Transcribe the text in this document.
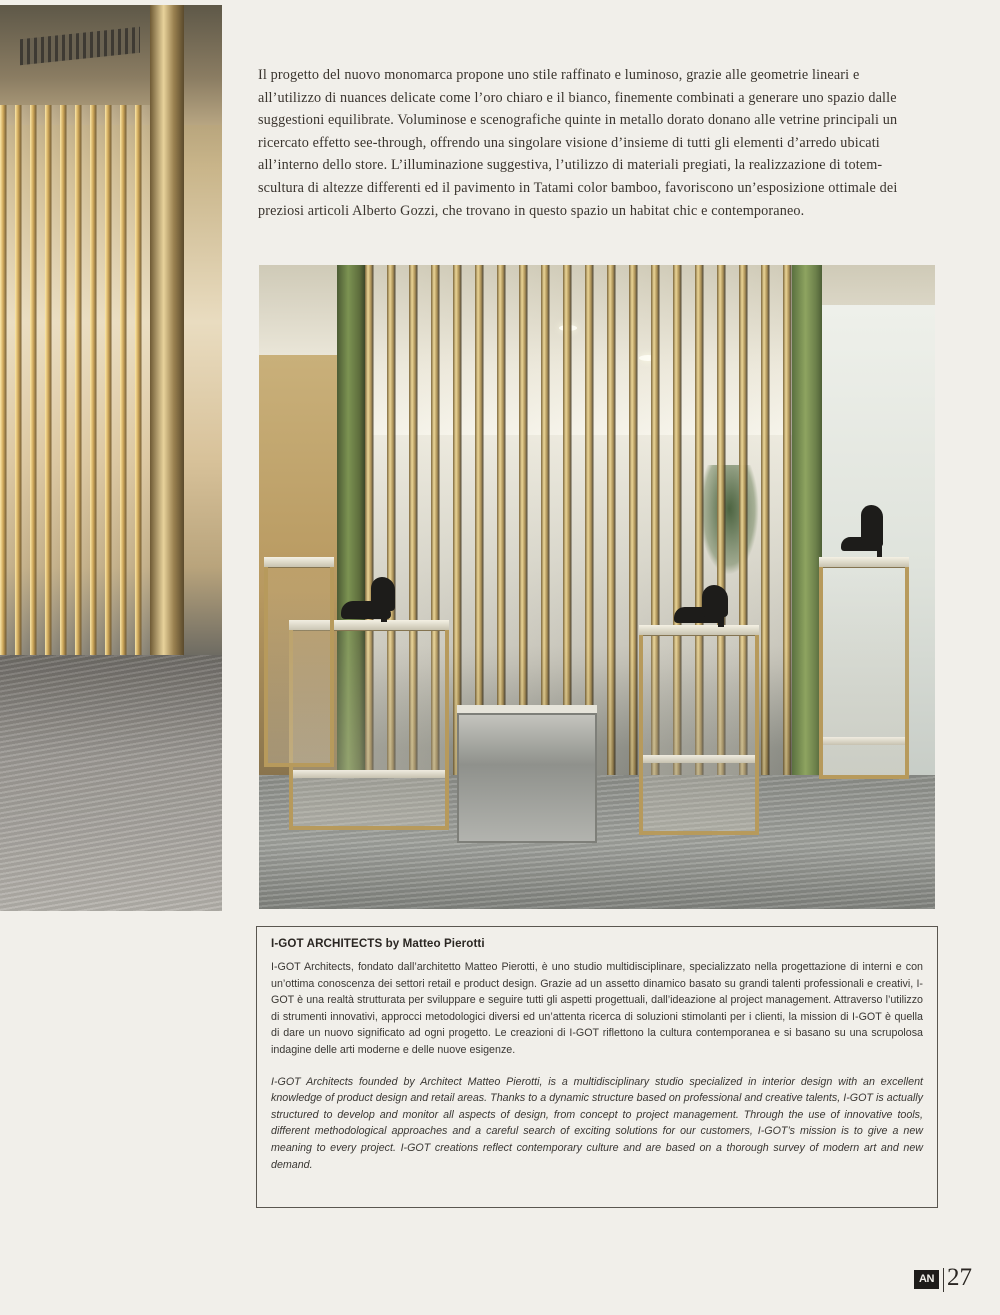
Il progetto del nuovo monomarca propone uno stile raffinato e luminoso, grazie alle geometrie lineari e all’utilizzo di nuances delicate come l’oro chiaro e il bianco, finemente combinati a generare uno spazio dalle suggestioni equilibrate. Voluminose e scenografiche quinte in metallo dorato donano alle vetrine principali un ricercato effetto see-through, offrendo una singolare visione d’insieme di tutti gli elementi d’arredo ubicati all’interno dello store. L’illuminazione suggestiva, l’utilizzo di materiali pregiati, la realizzazione di totem-scultura di altezze differenti ed il pavimento in Tatami color bamboo, favoriscono un’esposizione ottimale dei preziosi articoli Alberto Gozzi, che trovano in questo spazio un habitat chic e contemporaneo.

I-GOT ARCHITECTS by Matteo Pierotti

I-GOT Architects, fondato dall’architetto Matteo Pierotti, è uno studio multidisciplinare, specializzato nella progettazione di interni e con un’ottima conoscenza dei settori retail e product design. Grazie ad un assetto dinamico basato su grandi talenti professionali e creativi, I-GOT è una realtà strutturata per sviluppare e seguire tutti gli aspetti progettuali, dall’ideazione al project management. Attraverso l’utilizzo di strumenti innovativi, approcci metodologici diversi ed un’attenta ricerca di soluzioni stimolanti per i clienti, la mission di I-GOT è quella di dare un nuovo significato ad ogni progetto. Le creazioni di I-GOT riflettono la cultura contemporanea e si basano su una scrupolosa indagine delle arti moderne e delle nuove esigenze.

I-GOT Architects founded by Architect Matteo Pierotti, is a multidisciplinary studio specialized in interior design with an excellent knowledge of product design and retail areas. Thanks to a dynamic structure based on professional and creative talents, I-GOT is actually structured to develop and monitor all aspects of design, from concept to project management. Through the use of innovative tools, different methodological approaches and a careful search of exciting solutions for our customers, I-GOT’s mission is to give a new meaning to every project. I-GOT creations reflect contemporary culture and are based on a thorough survey of modern art and new demand.

AN 27
